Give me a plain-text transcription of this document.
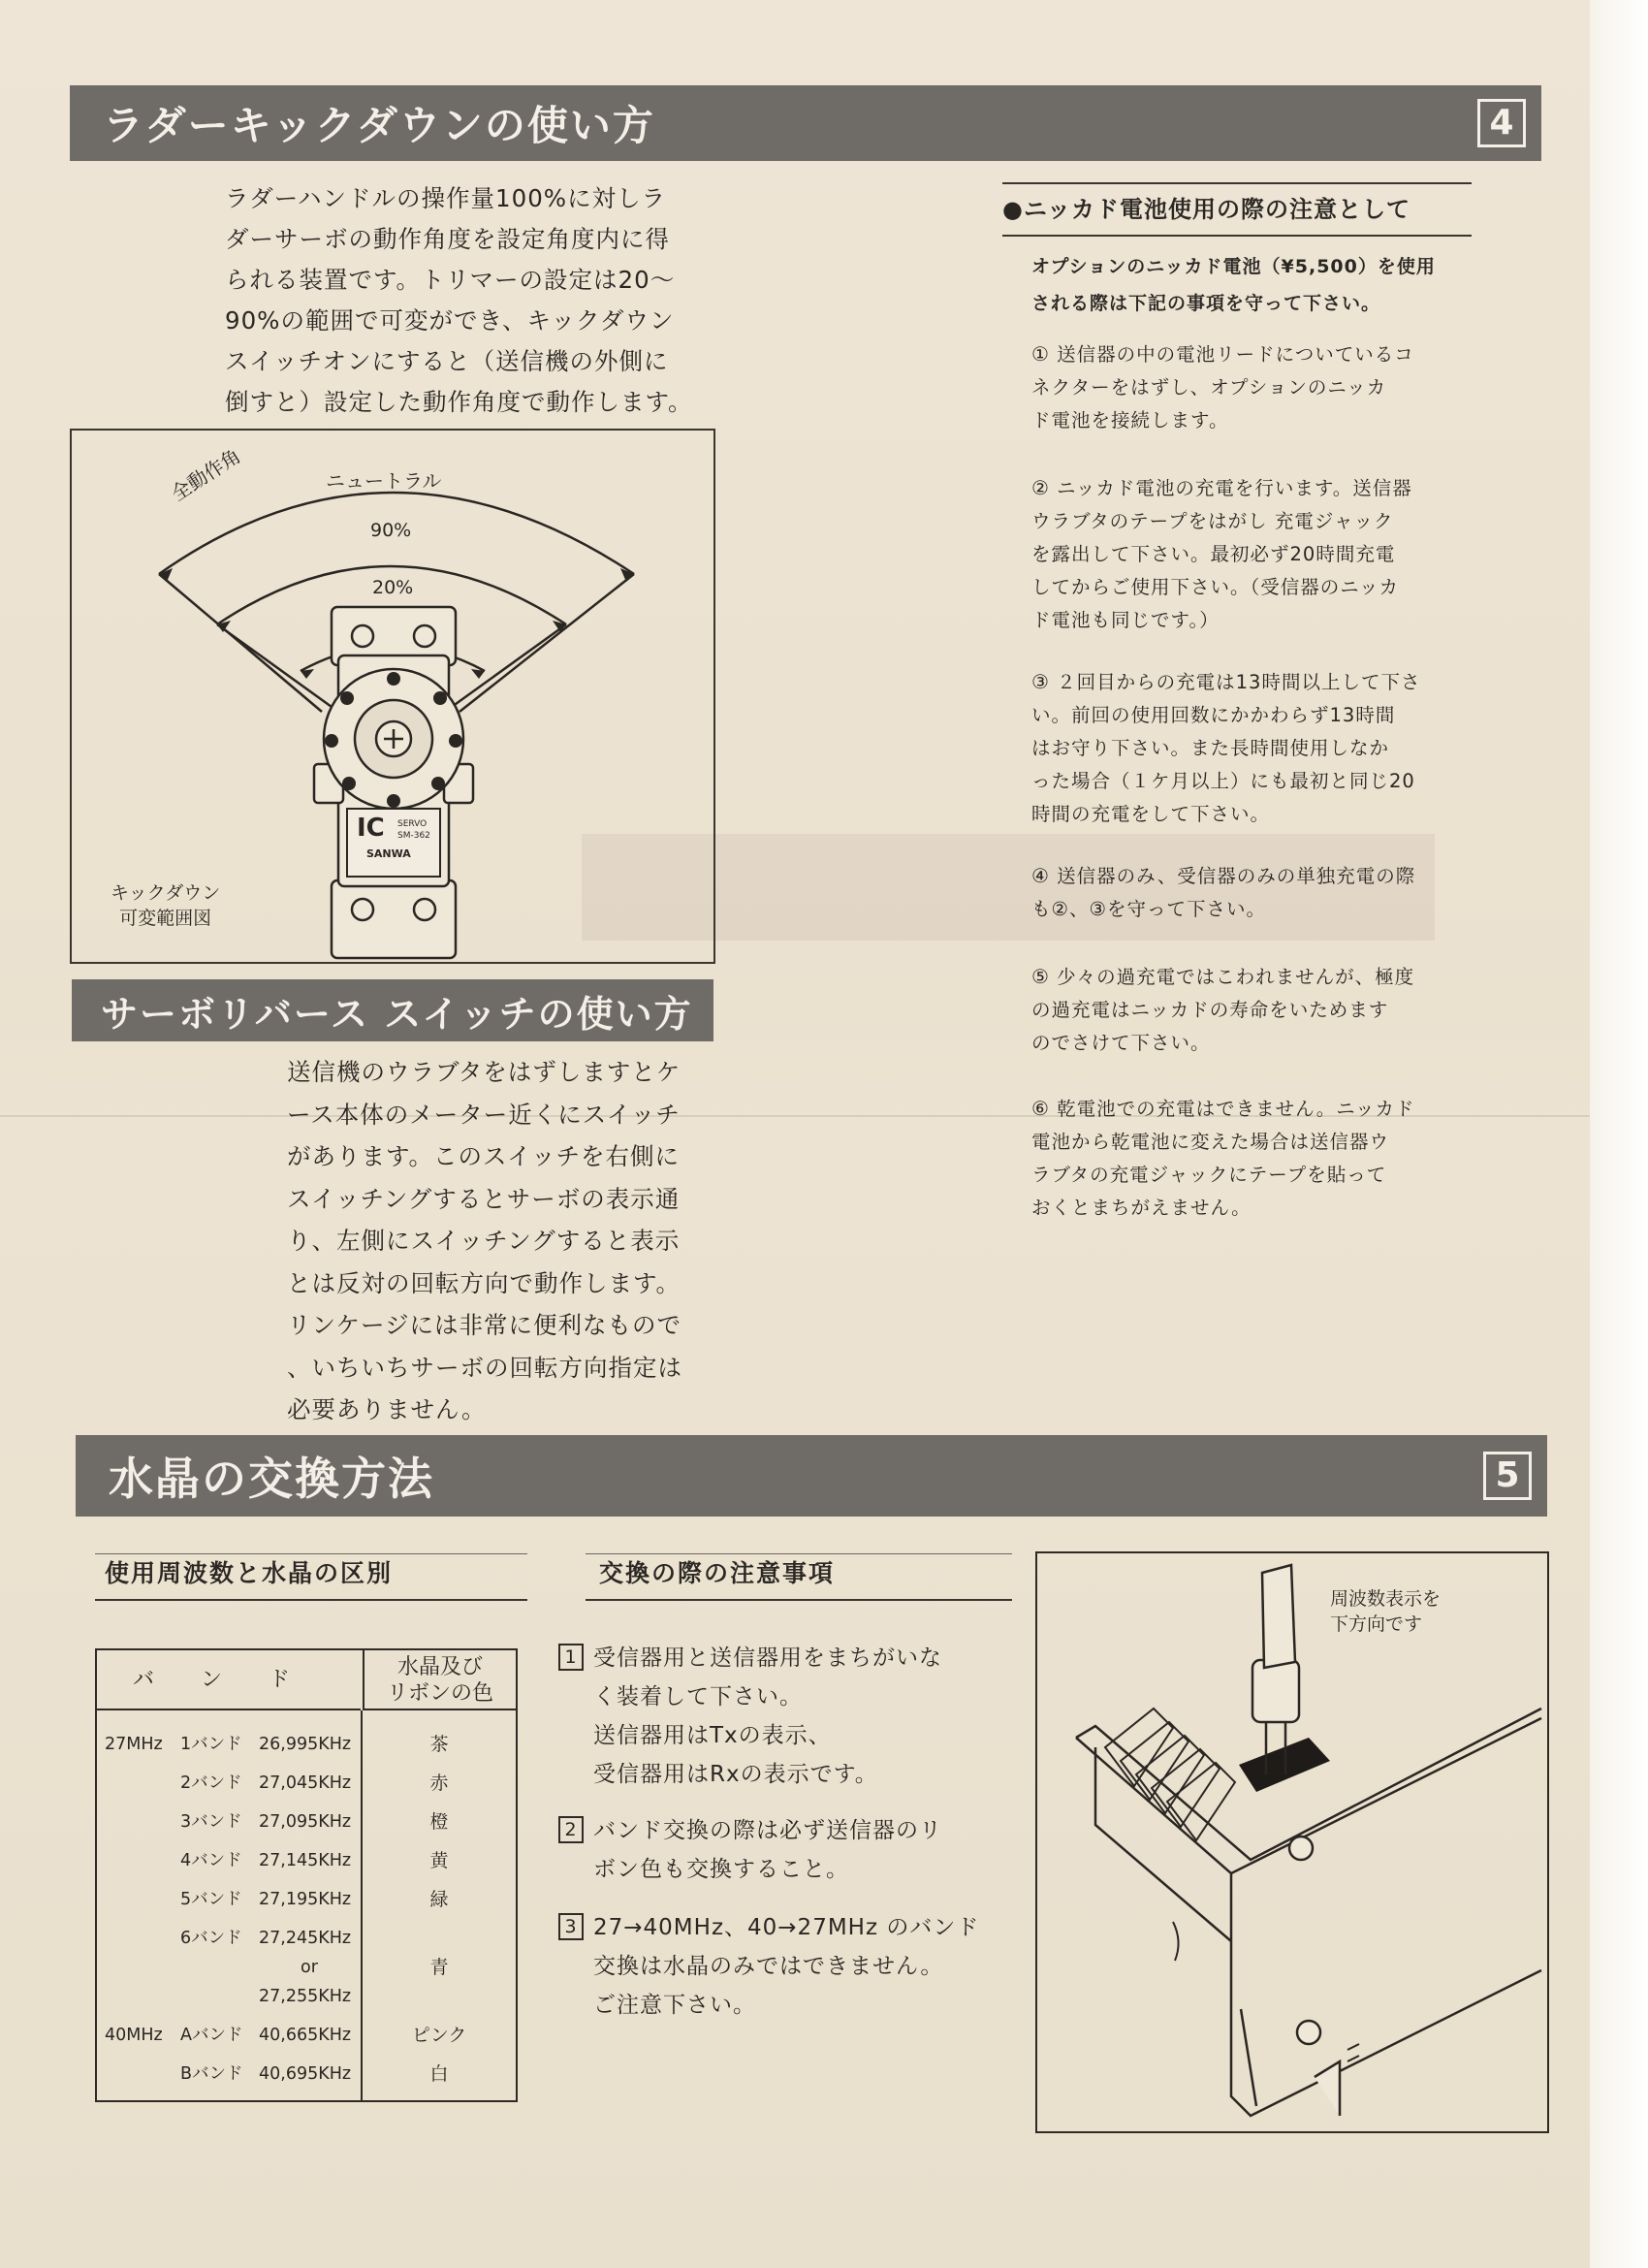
ラダーキックダウンの使い方	4
ラダーハンドルの操作量100%に対しラ
ダーサーボの動作角度を設定角度内に得
られる装置です。トリマーの設定は20〜
90%の範囲で可変ができ、キックダウン
スイッチオンにすると（送信機の外側に
倒すと）設定した動作角度で動作します。
IC SERVO
SM-362
SANWA
全動作角	ニュートラル
90%
20%
キックダウン
可変範囲図
サーボリバース スイッチの使い方
送信機のウラブタをはずしますとケ
ース本体のメーター近くにスイッチ
があります。このスイッチを右側に
スイッチングするとサーボの表示通
り、左側にスイッチングすると表示
とは反対の回転方向で動作します。
リンケージには非常に便利なもので
、いちいちサーボの回転方向指定は
必要ありません。
●ニッカド電池使用の際の注意として
オプションのニッカド電池（¥5,500）を使用
される際は下記の事項を守って下さい。
① 送信器の中の電池リードについているコ
ネクターをはずし、オプションのニッカ
ド電池を接続します。
② ニッカド電池の充電を行います。送信器
ウラブタのテープをはがし 充電ジャック
を露出して下さい。最初必ず20時間充電
してからご使用下さい。（受信器のニッカ
ド電池も同じです。）
③ ２回目からの充電は13時間以上して下さ
い。前回の使用回数にかかわらず13時間
はお守り下さい。また長時間使用しなか
った場合（１ケ月以上）にも最初と同じ20
時間の充電をして下さい。
④ 送信器のみ、受信器のみの単独充電の際
も②、③を守って下さい。
⑤ 少々の過充電ではこわれませんが、極度
の過充電はニッカドの寿命をいためます
のでさけて下さい。
⑥ 乾電池での充電はできません。ニッカド
電池から乾電池に変えた場合は送信器ウ
ラブタの充電ジャックにテープを貼って
おくとまちがえません。
水晶の交換方法	5
使用周波数と水晶の区別	交換の際の注意事項
バンド
水晶及び
リボンの色
27MHz 1バンド 26,995KHz	茶
2バンド 27,045KHz	赤
3バンド 27,095KHz	橙
4バンド 27,145KHz	黄
5バンド 27,195KHz	緑
6バンド 27,245KHz
or	青
27,255KHz
40MHz Aバンド 40,665KHz	ピンク
Bバンド 40,695KHz	白
1 受信器用と送信器用をまちがいな
く装着して下さい。
送信器用はTxの表示、
受信器用はRxの表示です。
2 バンド交換の際は必ず送信器のリ
ボン色も交換すること。
3 27→40MHz、40→27MHz のバンド
交換は水晶のみではできません。
ご注意下さい。
周波数表示を
下方向です
